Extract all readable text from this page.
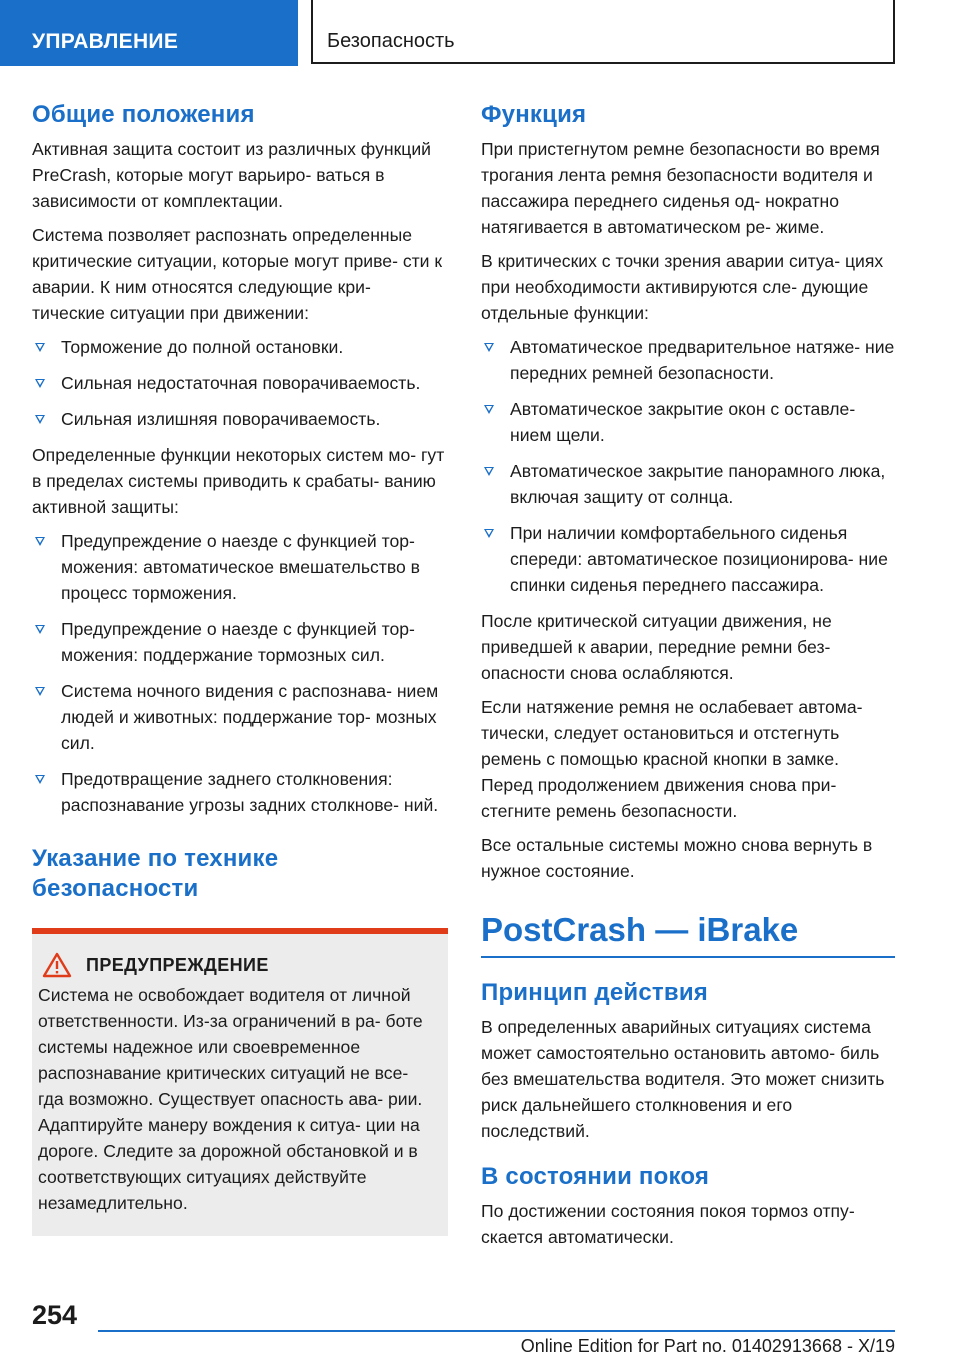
УПРАВЛЕНИЕ	Безопасность
Общие положения
Активная защита состоит из различных функций PreCrash, которые могут варьиро- ваться в зависимости от комплектации.
Система позволяет распознать определенные критические ситуации, которые могут приве- сти к аварии. К ним относятся следующие кри- тические ситуации при движении:
Торможение до полной остановки.
Сильная недостаточная поворачиваемость.
Сильная излишняя поворачиваемость.
Определенные функции некоторых систем мо- гут в пределах системы приводить к срабаты- ванию активной защиты:
Предупреждение о наезде с функцией тор- можения: автоматическое вмешательство в процесс торможения.
Предупреждение о наезде с функцией тор- можения: поддержание тормозных сил.
Система ночного видения с распознава- нием людей и животных: поддержание тор- мозных сил.
Предотвращение заднего столкновения: распознавание угрозы задних столкнове- ний.
Указание по технике безопасности
ПРЕДУПРЕЖДЕНИЕ
Система не освобождает водителя от личной ответственности. Из-за ограничений в ра- боте системы надежное или своевременное распознавание критических ситуаций не все- гда возможно. Существует опасность ава- рии. Адаптируйте манеру вождения к ситуа- ции на дороге. Следите за дорожной обстановкой и в соответствующих ситуациях действуйте незамедлительно.
Функция
При пристегнутом ремне безопасности во время трогания лента ремня безопасности водителя и пассажира переднего сиденья од- нократно натягивается в автоматическом ре- жиме.
В критических с точки зрения аварии ситуа- циях при необходимости активируются сле- дующие отдельные функции:
Автоматическое предварительное натяже- ние передних ремней безопасности.
Автоматическое закрытие окон с оставле- нием щели.
Автоматическое закрытие панорамного люка, включая защиту от солнца.
При наличии комфортабельного сиденья спереди: автоматическое позиционирова- ние спинки сиденья переднего пассажира.
После критической ситуации движения, не приведшей к аварии, передние ремни без- опасности снова ослабляются.
Если натяжение ремня не ослабевает автома- тически, следует остановиться и отстегнуть ремень с помощью красной кнопки в замке. Перед продолжением движения снова при- стегните ремень безопасности.
Все остальные системы можно снова вернуть в нужное состояние.
PostCrash — iBrake
Принцип действия
В определенных аварийных ситуациях система может самостоятельно остановить автомо- биль без вмешательства водителя. Это может снизить риск дальнейшего столкновения и его последствий.
В состоянии покоя
По достижении состояния покоя тормоз отпу- скается автоматически.
254
Online Edition for Part no. 01402913668 - X/19
